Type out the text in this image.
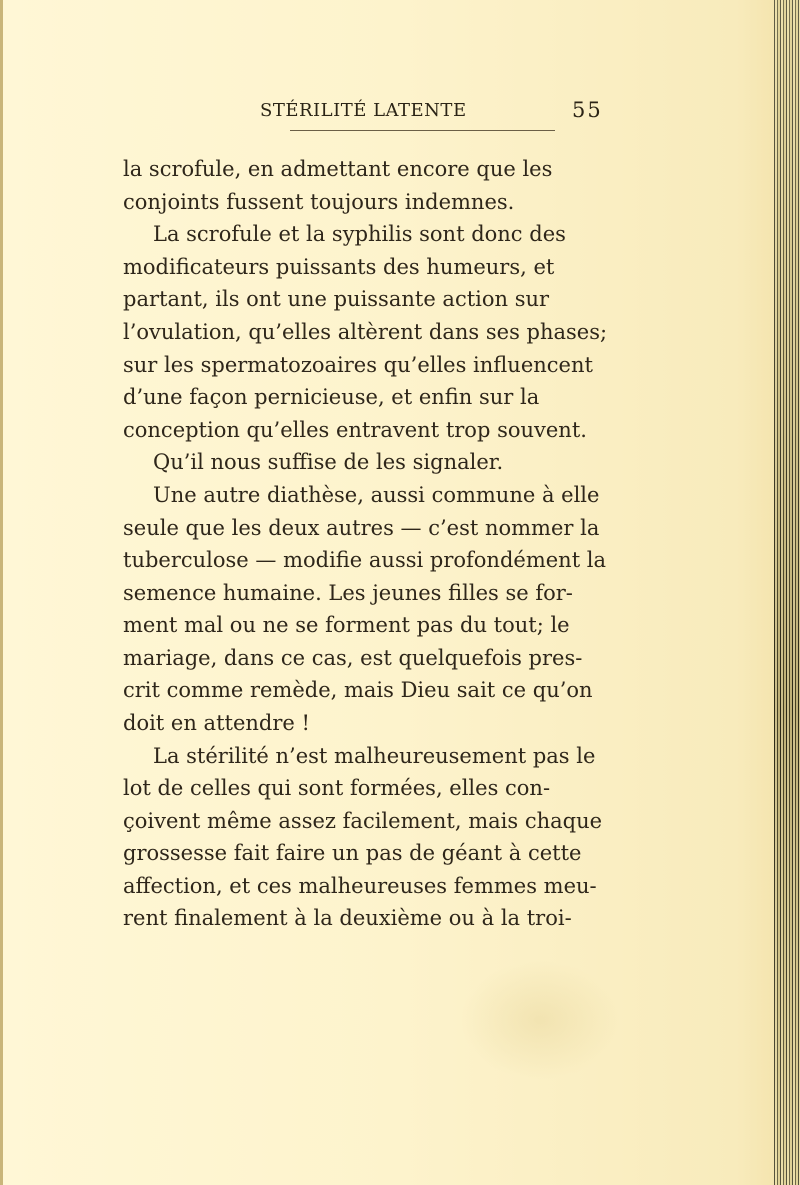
STÉRILITÉ LATENTE	55
la scrofule, en admettant encore que les
conjoints fussent toujours indemnes.
La scrofule et la syphilis sont donc des
modificateurs puissants des humeurs, et
partant, ils ont une puissante action sur
l’ovulation, qu’elles altèrent dans ses phases;
sur les spermatozoaires qu’elles influencent
d’une façon pernicieuse, et enfin sur la
conception qu’elles entravent trop souvent.
Qu’il nous suffise de les signaler.
Une autre diathèse, aussi commune à elle
seule que les deux autres — c’est nommer la
tuberculose — modifie aussi profondément la
semence humaine. Les jeunes filles se for-
ment mal ou ne se forment pas du tout; le
mariage, dans ce cas, est quelquefois pres-
crit comme remède, mais Dieu sait ce qu’on
doit en attendre !
La stérilité n’est malheureusement pas le
lot de celles qui sont formées, elles con-
çoivent même assez facilement, mais chaque
grossesse fait faire un pas de géant à cette
affection, et ces malheureuses femmes meu-
rent finalement à la deuxième ou à la troi-
